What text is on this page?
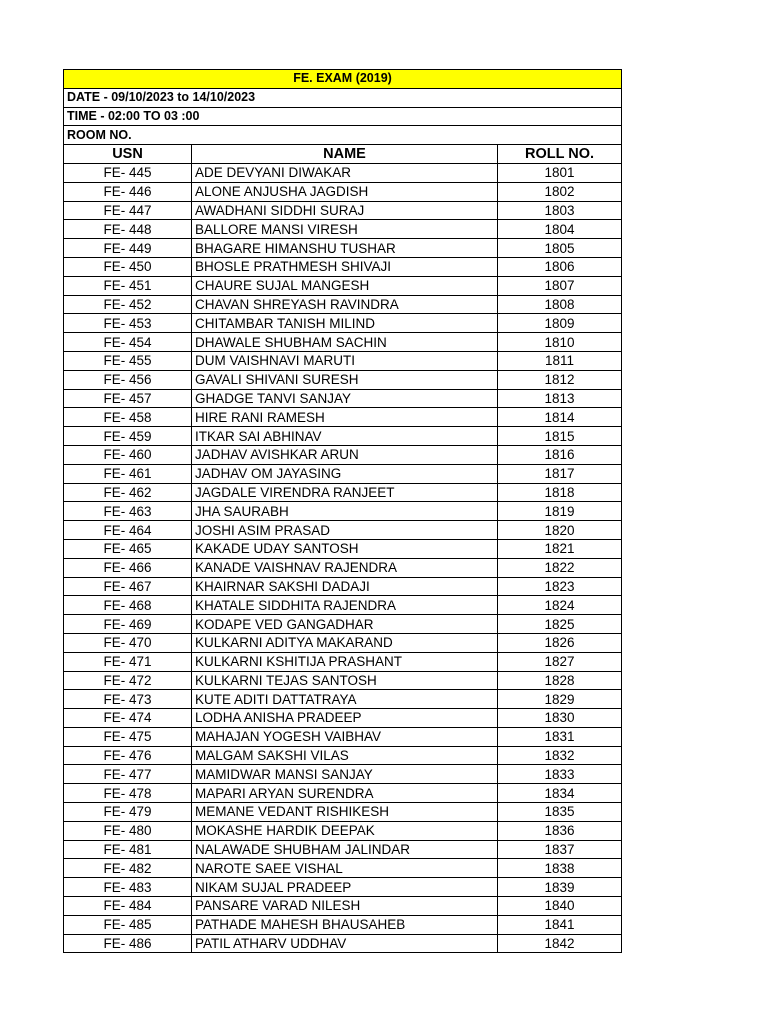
FE. EXAM (2019)		
DATE - 09/10/2023 to 14/10/2023		
TIME - 02:00 TO 03 :00		
ROOM NO.		
USN	NAME	ROLL NO.
FE- 445	ADE DEVYANI DIWAKAR	1801
FE- 446	ALONE ANJUSHA JAGDISH	1802
FE- 447	AWADHANI SIDDHI SURAJ	1803
FE- 448	BALLORE MANSI VIRESH	1804
FE- 449	BHAGARE HIMANSHU TUSHAR	1805
FE- 450	BHOSLE PRATHMESH SHIVAJI	1806
FE- 451	CHAURE SUJAL MANGESH	1807
FE- 452	CHAVAN SHREYASH RAVINDRA	1808
FE- 453	CHITAMBAR TANISH MILIND	1809
FE- 454	DHAWALE SHUBHAM SACHIN	1810
FE- 455	DUM VAISHNAVI MARUTI	1811
FE- 456	GAVALI SHIVANI SURESH	1812
FE- 457	GHADGE TANVI SANJAY	1813
FE- 458	HIRE RANI RAMESH	1814
FE- 459	ITKAR SAI ABHINAV	1815
FE- 460	JADHAV AVISHKAR ARUN	1816
FE- 461	JADHAV OM JAYASING	1817
FE- 462	JAGDALE VIRENDRA RANJEET	1818
FE- 463	JHA SAURABH	1819
FE- 464	JOSHI ASIM PRASAD	1820
FE- 465	KAKADE UDAY SANTOSH	1821
FE- 466	KANADE VAISHNAV RAJENDRA	1822
FE- 467	KHAIRNAR SAKSHI DADAJI	1823
FE- 468	KHATALE SIDDHITA RAJENDRA	1824
FE- 469	KODAPE VED GANGADHAR	1825
FE- 470	KULKARNI ADITYA MAKARAND	1826
FE- 471	KULKARNI KSHITIJA PRASHANT	1827
FE- 472	KULKARNI TEJAS SANTOSH	1828
FE- 473	KUTE ADITI DATTATRAYA	1829
FE- 474	LODHA ANISHA PRADEEP	1830
FE- 475	MAHAJAN YOGESH VAIBHAV	1831
FE- 476	MALGAM SAKSHI VILAS	1832
FE- 477	MAMIDWAR MANSI SANJAY	1833
FE- 478	MAPARI ARYAN SURENDRA	1834
FE- 479	MEMANE VEDANT RISHIKESH	1835
FE- 480	MOKASHE HARDIK DEEPAK	1836
FE- 481	NALAWADE SHUBHAM JALINDAR	1837
FE- 482	NAROTE SAEE VISHAL	1838
FE- 483	NIKAM SUJAL PRADEEP	1839
FE- 484	PANSARE VARAD NILESH	1840
FE- 485	PATHADE MAHESH BHAUSAHEB	1841
FE- 486	PATIL ATHARV UDDHAV	1842
